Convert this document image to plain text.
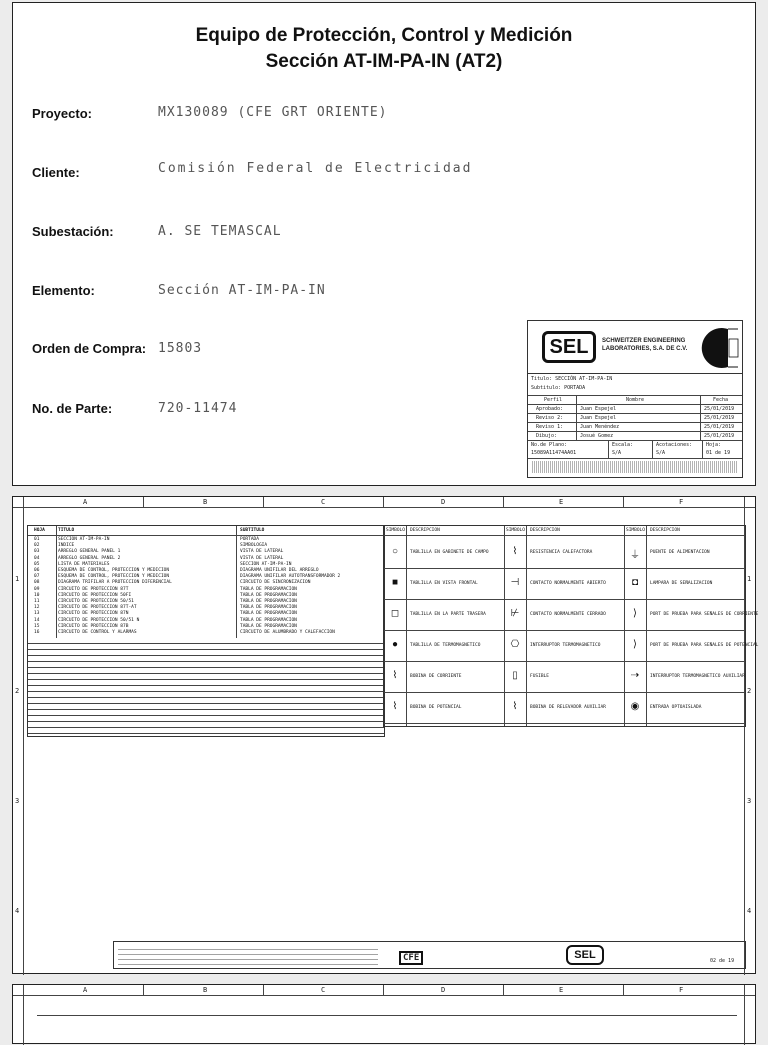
Equipo de Protección, Control y Medición
Sección AT-IM-PA-IN (AT2)
Proyecto:	MX130089 (CFE GRT ORIENTE)
Cliente:	Comisión Federal de Electricidad
Subestación:	A. SE TEMASCAL
Elemento:	Sección AT-IM-PA-IN
Orden de Compra: 15803
No. de Parte:	720-11474
SEL	SCHWEITZER ENGINEERING
LABORATORIES, S.A. DE C.V.
Titulo: SECCIÓN AT-IM-PA-IN
Subtitulo: PORTADA
Perfil	Nombre	Fecha
Aprobado:	Juan Espejel	25/01/2019
Reviso 2:	Juan Espejel	25/01/2019
Reviso 1:	Juan Menéndez	25/01/2019
Dibujo:	Josué Gomez	25/01/2019
No.de Plano:
15089A11474AA01
Escala:
S/A
Acotaciones:
S/A
Hoja:
01 de 19
A	B	C	D	E	F
1
2
3
4
1
2
3
4
HOJA	TITULO	SUBTITULO
01	SECCION AT-IM-PA-IN	PORTADA
02	INDICE	SIMBOLOGIA
03	ARREGLO GENERAL PANEL 1	VISTA DE LATERAL
04	ARREGLO GENERAL PANEL 2	VISTA DE LATERAL
05	LISTA DE MATERIALES	SECCION AT-IM-PA-IN
06	ESQUEMA DE CONTROL, PROTECCION Y MEDICION	DIAGRAMA UNIFILAR DEL ARREGLO
07	ESQUEMA DE CONTROL, PROTECCION Y MEDICION	DIAGRAMA UNIFILAR AUTOTRANSFORMADOR 2
08	DIAGRAMA TRIFILAR A PROTECCION DIFERENCIAL	CIRCUITO DE SINCRONIZACION
09	CIRCUITO DE PROTECCION 87T	TABLA DE PROGRAMACION
10	CIRCUITO DE PROTECCION 50FI	TABLA DE PROGRAMACION
11	CIRCUITO DE PROTECCION 50/51	TABLA DE PROGRAMACION
12	CIRCUITO DE PROTECCION 87T-AT	TABLA DE PROGRAMACION
13	CIRCUITO DE PROTECCION 87N	TABLA DE PROGRAMACION
14	CIRCUITO DE PROTECCION 50/51 N	TABLA DE PROGRAMACION
15	CIRCUITO DE PROTECCION 87B	TABLA DE PROGRAMACION
16	CIRCUITO DE CONTROL Y ALARMAS	CIRCUITO DE ALUMBRADO Y CALEFACCION
SIMBOLO DESCRIPCION	SIMBOLO DESCRIPCION	SIMBOLO DESCRIPCION
○	TABLILLA EN GABINETE DE CAMPO	⌇	RESISTENCIA CALEFACTORA	⏚	PUENTE DE ALIMENTACION
■	TABLILLA EN VISTA FRONTAL	⊣	CONTACTO NORMALMENTE ABIERTO	◘	LAMPARA DE SEÑALIZACION
◻	TABLILLA EN LA PARTE TRASERA	⊬	CONTACTO NORMALMENTE CERRADO	⟩	PORT DE PRUEBA PARA SEÑALES DE CORRIENTE
●	TABLILLA DE TERMOMAGNETICO	⎔	INTERRUPTOR TERMOMAGNETICO	⟩	PORT DE PRUEBA PARA SEÑALES DE POTENCIAL
⌇	BOBINA DE CORRIENTE	▯	FUSIBLE	⇢	INTERRUPTOR TERMOMAGNETICO AUXILIAR
⌇	BOBINA DE POTENCIAL	⌇	BOBINA DE RELEVADOR AUXILIAR	◉	ENTRADA OPTOAISLADA
CFE	SEL	02 de 19
A	B	C	D	E	F
